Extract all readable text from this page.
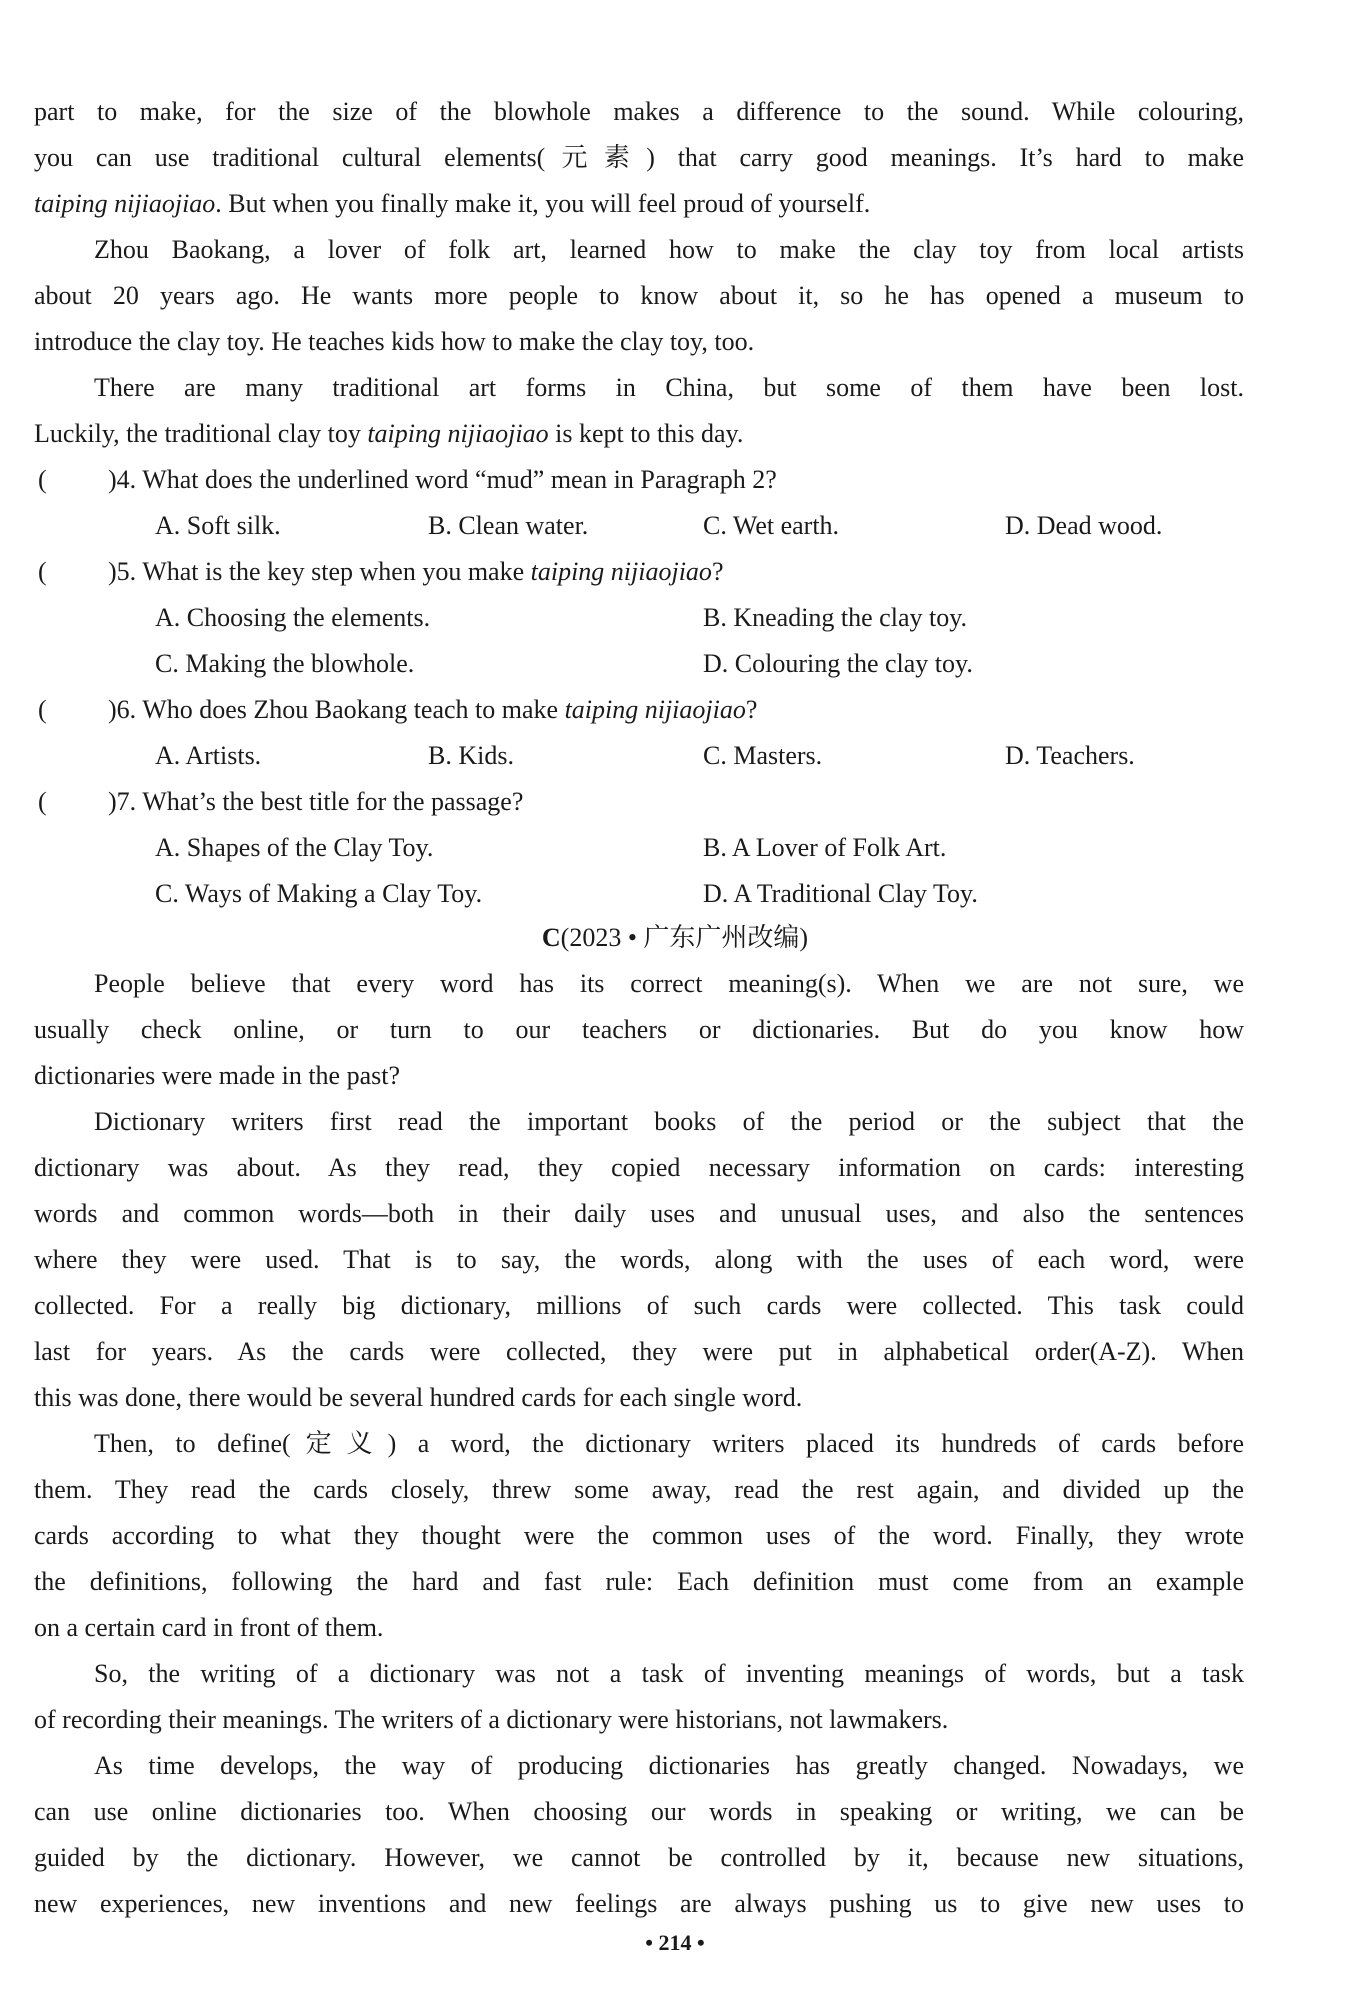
part to make, for the size of the blowhole makes a difference to the sound. While colouring,
you can use traditional cultural elements(元素) that carry good meanings. It’s hard to make
taiping nijiaojiao. But when you finally make it, you will feel proud of yourself.
Zhou Baokang, a lover of folk art, learned how to make the clay toy from local artists
about 20 years ago. He wants more people to know about it, so he has opened a museum to
introduce the clay toy. He teaches kids how to make the clay toy, too.
There are many traditional art forms in China, but some of them have been lost.
Luckily, the traditional clay toy taiping nijiaojiao is kept to this day.
( )4. What does the underlined word “mud” mean in Paragraph 2?
A. Soft silk.	B. Clean water.	C. Wet earth.	D. Dead wood.
( )5. What is the key step when you make taiping nijiaojiao?
A. Choosing the elements.	B. Kneading the clay toy.
C. Making the blowhole.	D. Colouring the clay toy.
( )6. Who does Zhou Baokang teach to make taiping nijiaojiao?
A. Artists.	B. Kids.	C. Masters.	D. Teachers.
( )7. What’s the best title for the passage?
A. Shapes of the Clay Toy.	B. A Lover of Folk Art.
C. Ways of Making a Clay Toy.	D. A Traditional Clay Toy.
C(2023 • 广东广州改编)
People believe that every word has its correct meaning(s). When we are not sure, we
usually check online, or turn to our teachers or dictionaries. But do you know how
dictionaries were made in the past?
Dictionary writers first read the important books of the period or the subject that the
dictionary was about. As they read, they copied necessary information on cards: interesting
words and common words—both in their daily uses and unusual uses, and also the sentences
where they were used. That is to say, the words, along with the uses of each word, were
collected. For a really big dictionary, millions of such cards were collected. This task could
last for years. As the cards were collected, they were put in alphabetical order(A-Z). When
this was done, there would be several hundred cards for each single word.
Then, to define(定义) a word, the dictionary writers placed its hundreds of cards before
them. They read the cards closely, threw some away, read the rest again, and divided up the
cards according to what they thought were the common uses of the word. Finally, they wrote
the definitions, following the hard and fast rule: Each definition must come from an example
on a certain card in front of them.
So, the writing of a dictionary was not a task of inventing meanings of words, but a task
of recording their meanings. The writers of a dictionary were historians, not lawmakers.
As time develops, the way of producing dictionaries has greatly changed. Nowadays, we
can use online dictionaries too. When choosing our words in speaking or writing, we can be
guided by the dictionary. However, we cannot be controlled by it, because new situations,
new experiences, new inventions and new feelings are always pushing us to give new uses to
• 214 •
